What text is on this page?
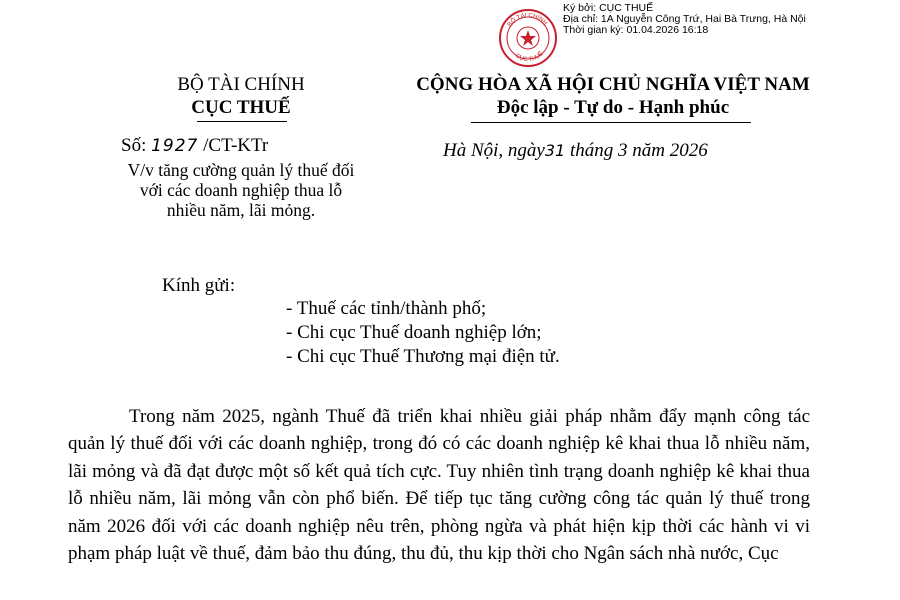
BỘ TÀI CHÍNH
CỤC THUẾ
Ký bởi: CỤC THUẾ
Địa chỉ: 1A Nguyễn Công Trứ, Hai Bà Trưng, Hà Nội
Thời gian ký: 01.04.2026 16:18
BỘ TÀI CHÍNH
CỤC THUẾ
CỘNG HÒA XÃ HỘI CHỦ NGHĨA VIỆT NAM
Độc lập - Tự do - Hạnh phúc
Số: 1927 /CT-KTr
V/v tăng cường quản lý thuế đối
với các doanh nghiệp thua lỗ
nhiều năm, lãi mỏng.
Hà Nội, ngày31 tháng 3 năm 2026
Kính gửi:
- Thuế các tỉnh/thành phố;
- Chi cục Thuế doanh nghiệp lớn;
- Chi cục Thuế Thương mại điện tử.
Trong năm 2025, ngành Thuế đã triển khai nhiều giải pháp nhằm đẩy mạnh công tác quản lý thuế đối với các doanh nghiệp, trong đó có các doanh nghiệp kê khai thua lỗ nhiều năm, lãi mỏng và đã đạt được một số kết quả tích cực. Tuy nhiên tình trạng doanh nghiệp kê khai thua lỗ nhiều năm, lãi mỏng vẫn còn phổ biến. Để tiếp tục tăng cường công tác quản lý thuế trong năm 2026 đối với các doanh nghiệp nêu trên, phòng ngừa và phát hiện kịp thời các hành vi vi phạm pháp luật về thuế, đảm bảo thu đúng, thu đủ, thu kịp thời cho Ngân sách nhà nước, Cục
